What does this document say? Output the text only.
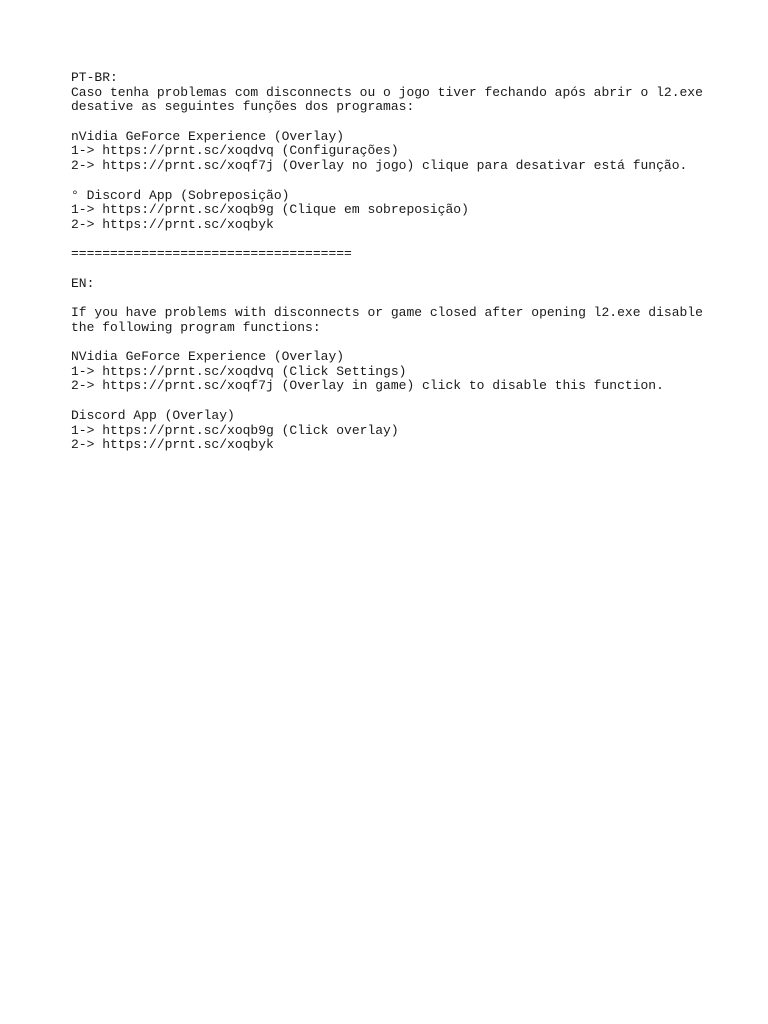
PT-BR:
Caso tenha problemas com disconnects ou o jogo tiver fechando após abrir o l2.exe
desative as seguintes funções dos programas:
nVidia GeForce Experience (Overlay)
1-> https://prnt.sc/xoqdvq (Configurações)
2-> https://prnt.sc/xoqf7j (Overlay no jogo) clique para desativar está função.
° Discord App (Sobreposição)
1-> https://prnt.sc/xoqb9g (Clique em sobreposição)
2-> https://prnt.sc/xoqbyk
====================================
EN:
If you have problems with disconnects or game closed after opening l2.exe disable
the following program functions:
NVidia GeForce Experience (Overlay)
1-> https://prnt.sc/xoqdvq (Click Settings)
2-> https://prnt.sc/xoqf7j (Overlay in game) click to disable this function.
Discord App (Overlay)
1-> https://prnt.sc/xoqb9g (Click overlay)
2-> https://prnt.sc/xoqbyk
